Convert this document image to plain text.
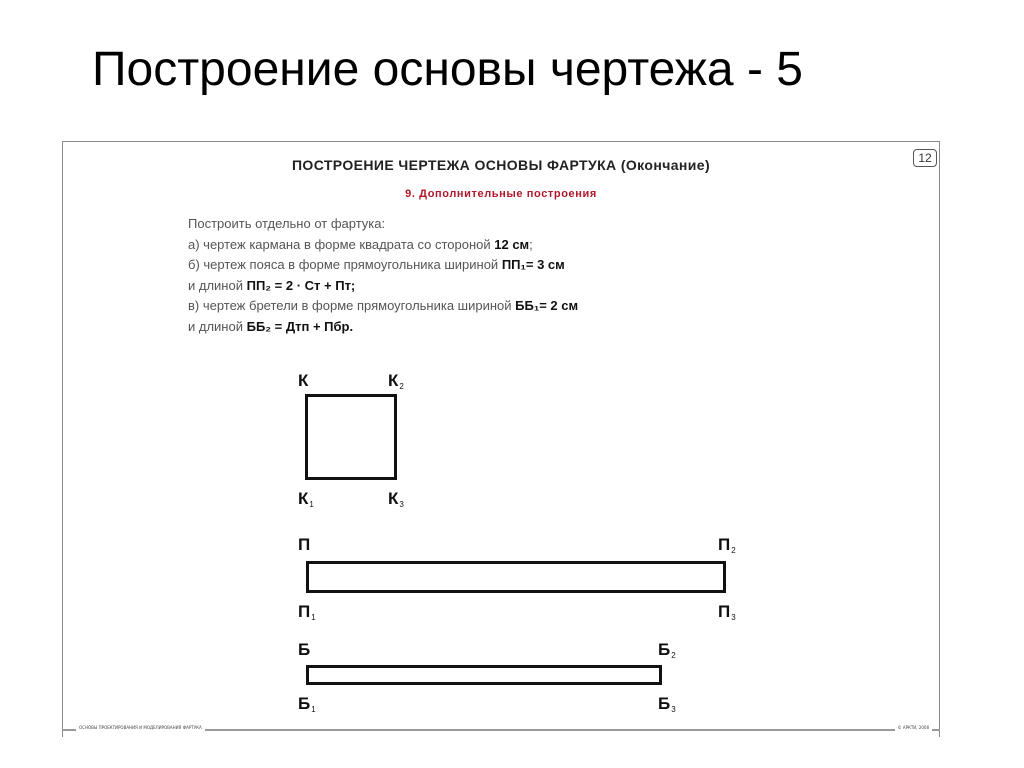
Построение основы чертежа - 5
ОСНОВЫ ПРОЕКТИРОВАНИЯ И МОДЕЛИРОВАНИЯ ФАРТУКА	© АРКТИ, 2008
12
ПОСТРОЕНИЕ ЧЕРТЕЖА ОСНОВЫ ФАРТУКА (Окончание)
9. Дополнительные построения
Построить отдельно от фартука:
а) чертеж кармана в форме квадрата со стороной 12 см;
б) чертеж пояса в форме прямоугольника шириной ПП₁= 3 см
и длиной ПП₂ = 2 · Ст + Пт;
в) чертеж бретели в форме прямоугольника шириной ББ₁= 2 см
и длиной ББ₂ = Дтп + Пбр.
К	$К_2$
$К_1$	$К_3$
П	$П_2$
$П_1$	$П_3$
Б	$Б_2$
$Б_1$	$Б_3$
